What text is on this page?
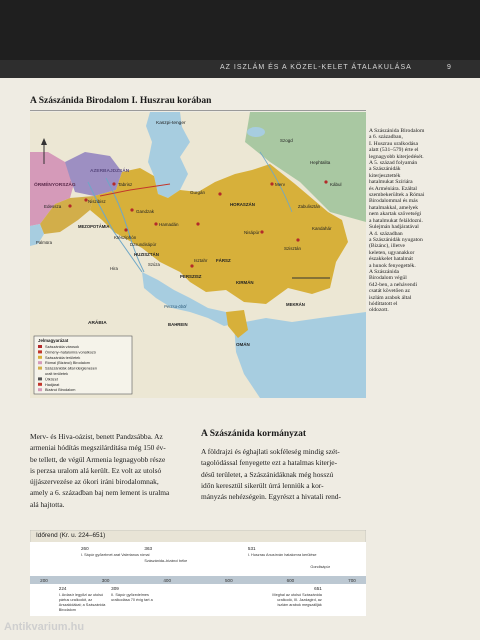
AZ ISZLÁM ÉS A KÖZEL-KELET ÁTALAKULÁSA	9
A Szászánida Birodalom I. Huszrau korában
Kaszpi-tenger
AZERBAJDZSÁN
ÖRMÉNYORSZÁG
Edessza
Niszibisz
Tabrisz
Gandzak
Hamadán
Ktésziphón
MEZOPOTÁMIA
HUZISZTÁN
PERSZISZ
KIRMÁN
Szisztán
Merv
Szogd
Hephtalita
HORASZÁN
Nisápúr
Kandahár
Kábul
ARÁBIA
OMÁN
Perzsa-öböl
Gurgán
Isztahr
Dzsundisápúr
Szúza
FÁRSZ
Hira
Palmüra
Zabulisztán
BAHREIN
MEKRÁN
Jelmagyarázat
Szászánida városok
Örmény–hatalomra vonatkozó
Szászánida területek
Római (Bizánci) Birodalom
Szászánidák által ideiglenesen
uralt területek
Ütközet
Hadjárat
Bizánci Birodalom

A Szászánida Birodalom

a 6. században,

I. Huszrau uralkodása

alatt (531–579) érte el

legnagyobb kiterjedését.

A 5. század folyamán

a Szászánidák

kiterjesztették

hatalmukat Szíriára

és Arméniára. Ezáltal

szembekerültek a Római

Birodalommal és más

hatalmakkal, amelyek

nem akartak szövetségi

a hatalmukat feláldozni.

Sulejmán hadjáratával

A 4. században

a Szászánidák nyugaton

(Bizánc), illetve

keleten, ugyanakkor

északkelet hatalmát

a hunok fenyegették.

A Szászánida

Birodalom végül

642-ben, a nehávendi

csatát követően az

iszlám arabok által

hódíttatott el

oldozott.

Merv- és Hiva-oázist, benett Pandzsábba. Az

armeniai hódítás megszilárdítása még 150 év-

be tellett, de végül Armenia legnagyobb része

is perzsa uralom alá került. Ez volt az utolsó

újjászervezése az ókori iráni birodalomnak,

amely a 6. században baj nem lement is uralma

alá hajtotta.

A Szászánida kormányzat

A földrajzi és éghajlati sokféleség mindig szét-

tagolódással fenyegette ezt a hatalmas kiterje-

désű területet, a Szászánidáknak még hosszú

időn keresztül sikerült úrrá lenniük a kor-

mányzás nehézségein. Egyrészt a hivatali rend-

200	300	400	500	600	700
260
I. Sápúr győzelmet arat Valerianus római
363
Szászánida–bizánci béke
531
I. Huszrau Anusírván hatalomra kerülése
Gondisápúr
224
I. Ardasír legyőzi az utolsó
pártus uralkodót, az
Arszakidákat; a Szászánida
Birodalom
309
II. Sápúr győzedelmes
uralkodása 70 évig tart a
651
Meghal az utolsó Szászánida
uralkodó, III. Jazdagird, az
iszlám arabok megszállják
Időrend (Kr. u. 224–651)
Antikvarium.hu
